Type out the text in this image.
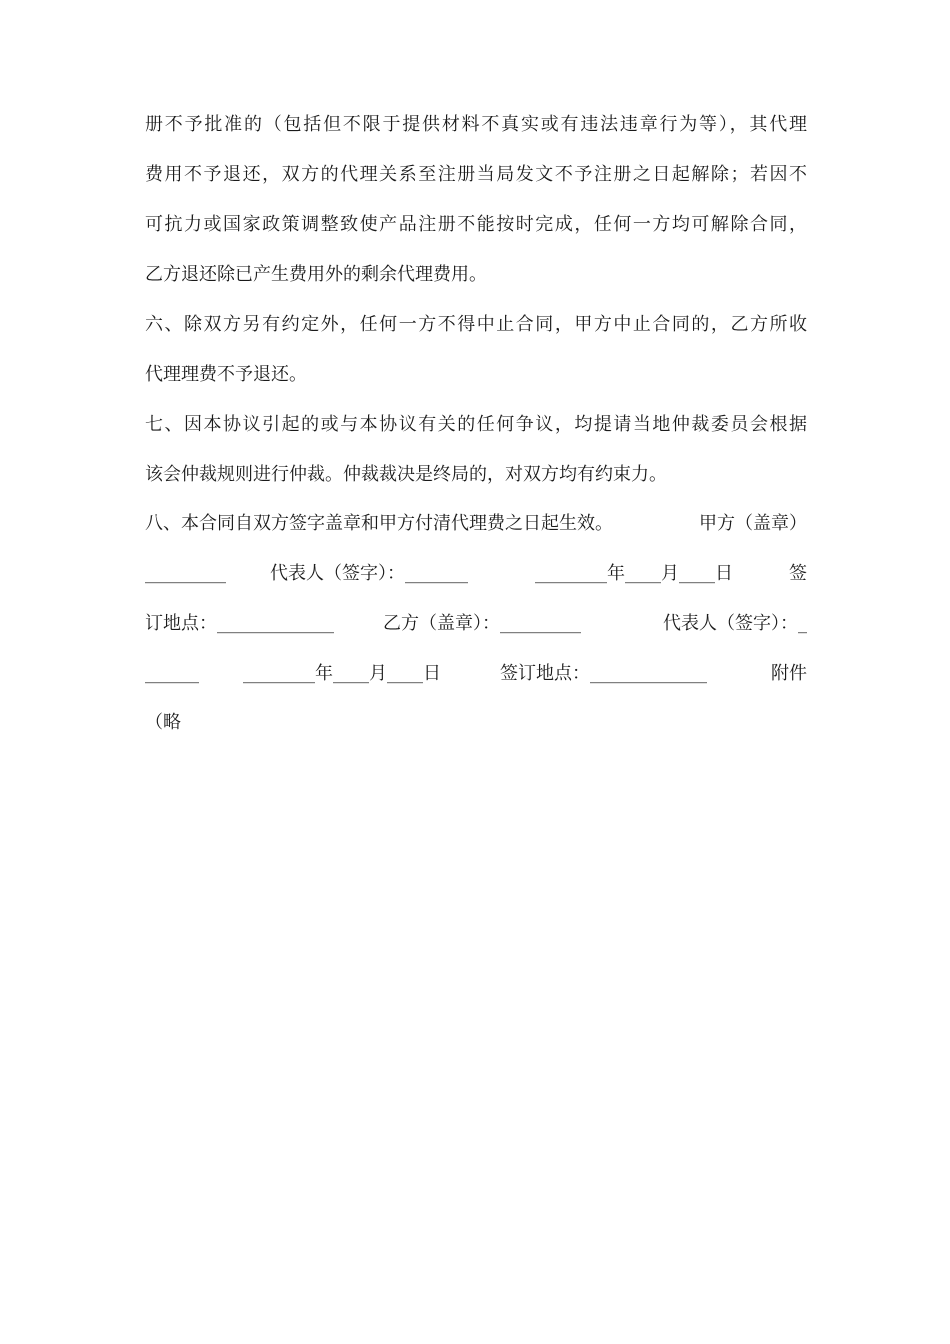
册不予批准的（包括但不限于提供材料不真实或有违法违章行为等），其代理
费用不予退还，双方的代理关系至注册当局发文不予注册之日起解除；若因不
可抗力或国家政策调整致使产品注册不能按时完成，任何一方均可解除合同，
乙方退还除已产生费用外的剩余代理费用。
六、除双方另有约定外，任何一方不得中止合同，甲方中止合同的，乙方所收
代理理费不予退还。
七、因本协议引起的或与本协议有关的任何争议，均提请当地仲裁委员会根据
该会仲裁规则进行仲裁。仲裁裁决是终局的，对双方均有约束力。
八、本合同自双方签字盖章和甲方付清代理费之日起生效。	甲方（盖章）
_________ 代表人（签字）：_______	________年____月____日	签
订地点：_____________	乙方（盖章）：_________	代表人（签字）：_
______ ________年____月____日	签订地点：_____________	附件
（略
